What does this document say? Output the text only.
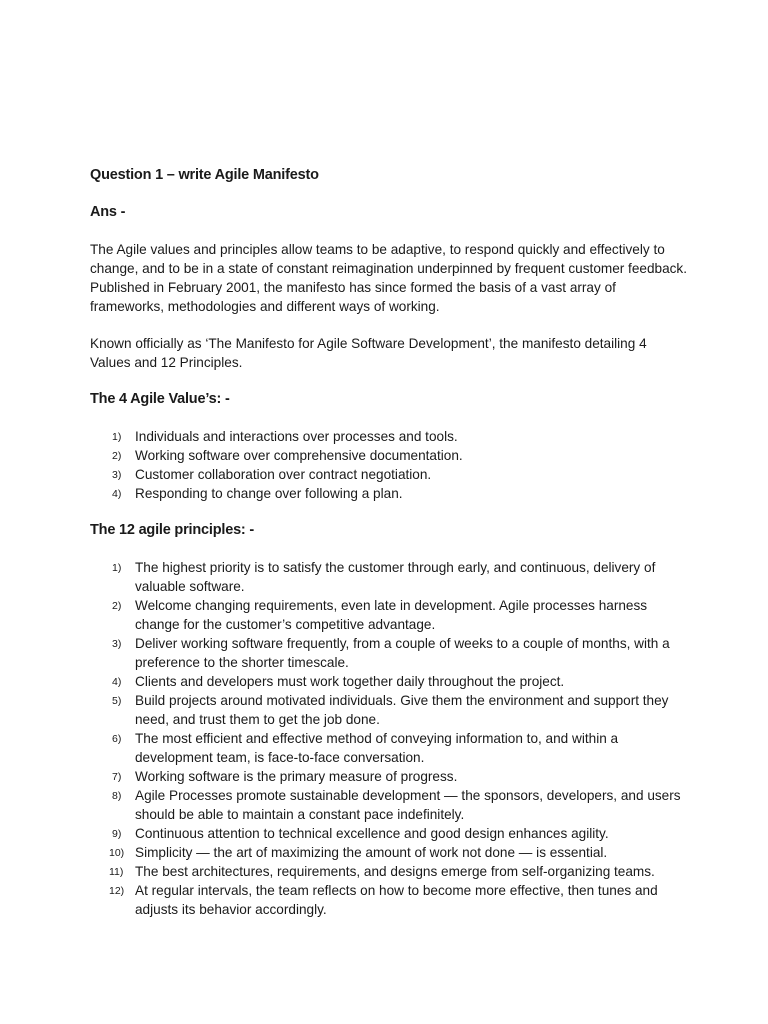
Question 1 – write Agile Manifesto

Ans -

The Agile values and principles allow teams to be adaptive, to respond quickly and effectively to change, and to be in a state of constant reimagination underpinned by frequent customer feedback. Published in February 2001, the manifesto has since formed the basis of a vast array of frameworks, methodologies and different ways of working.

Known officially as ‘The Manifesto for Agile Software Development’, the manifesto detailing 4 Values and 12 Principles.

The 4 Agile Value’s: -

1) Individuals and interactions over processes and tools.
2) Working software over comprehensive documentation.
3) Customer collaboration over contract negotiation.
4) Responding to change over following a plan.

The 12 agile principles: -

1) The highest priority is to satisfy the customer through early, and continuous, delivery of valuable software.
2) Welcome changing requirements, even late in development. Agile processes harness change for the customer’s competitive advantage.
3) Deliver working software frequently, from a couple of weeks to a couple of months, with a preference to the shorter timescale.
4) Clients and developers must work together daily throughout the project.
5) Build projects around motivated individuals. Give them the environment and support they need, and trust them to get the job done.
6) The most efficient and effective method of conveying information to, and within a development team, is face-to-face conversation.
7) Working software is the primary measure of progress.
8) Agile Processes promote sustainable development — the sponsors, developers, and users should be able to maintain a constant pace indefinitely.
9) Continuous attention to technical excellence and good design enhances agility.
10) Simplicity — the art of maximizing the amount of work not done — is essential.
11) The best architectures, requirements, and designs emerge from self-organizing teams.
12) At regular intervals, the team reflects on how to become more effective, then tunes and adjusts its behavior accordingly.
